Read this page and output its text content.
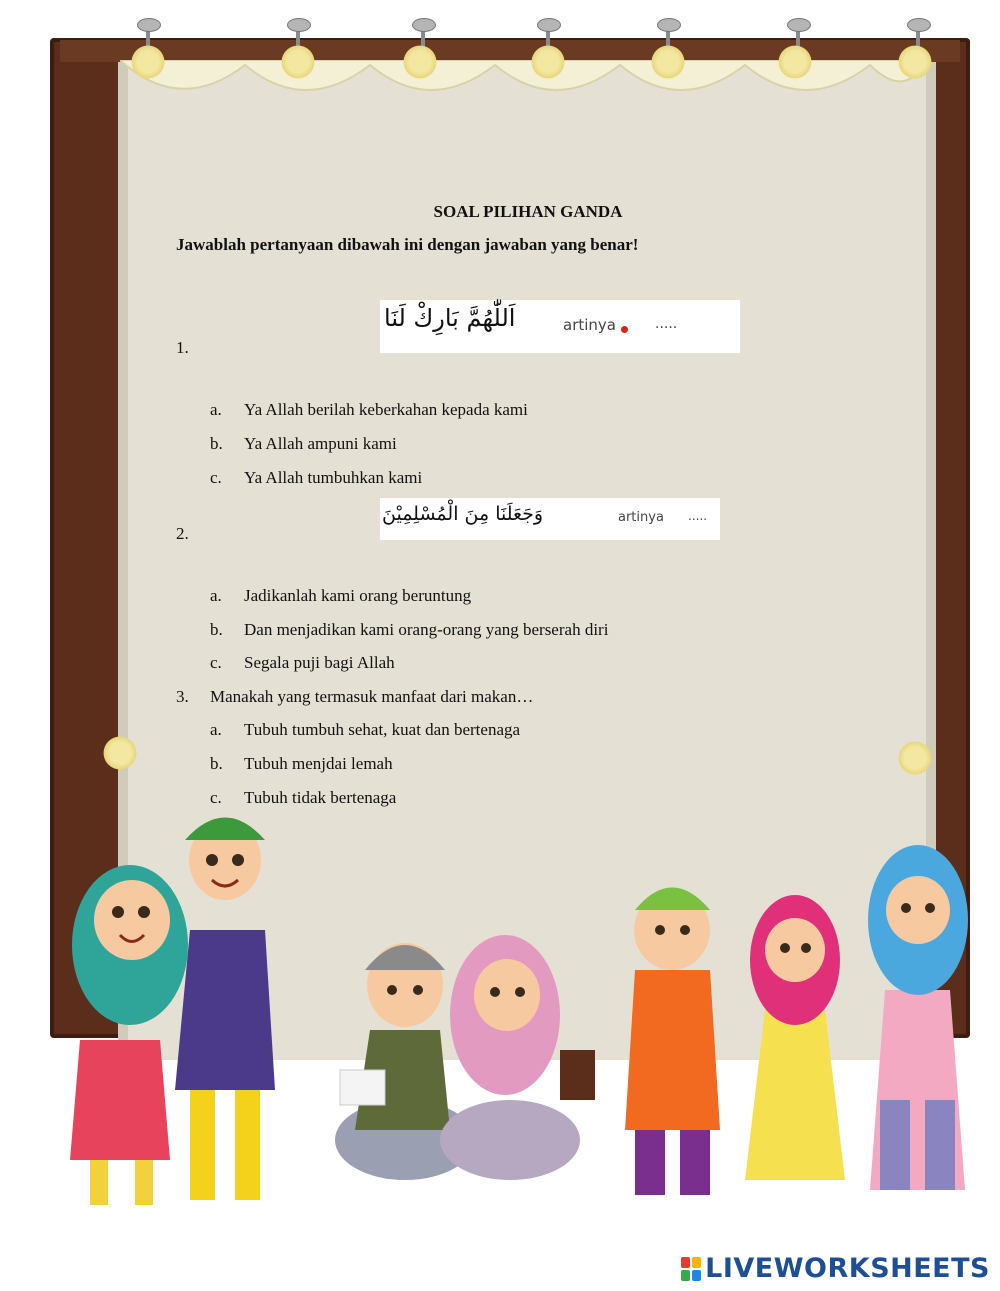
SOAL PILIHAN GANDA
Jawablah pertanyaan dibawah ini dengan jawaban yang benar!
1.
اَللّٰهُمَّ بَارِكْ لَنَا	artinya	.....
a. Ya Allah berilah keberkahan kepada kami
b. Ya Allah ampuni kami
c. Ya Allah tumbuhkan kami
2.
وَجَعَلَنَا مِنَ الْمُسْلِمِيْنَ	artinya .....
a. Jadikanlah kami orang beruntung
b. Dan menjadikan kami orang-orang yang berserah diri
c. Segala puji bagi Allah
3. Manakah yang termasuk manfaat dari makan…
a. Tubuh tumbuh sehat, kuat dan bertenaga
b. Tubuh menjdai lemah
c. Tubuh tidak bertenaga
LIVEWORKSHEETS
